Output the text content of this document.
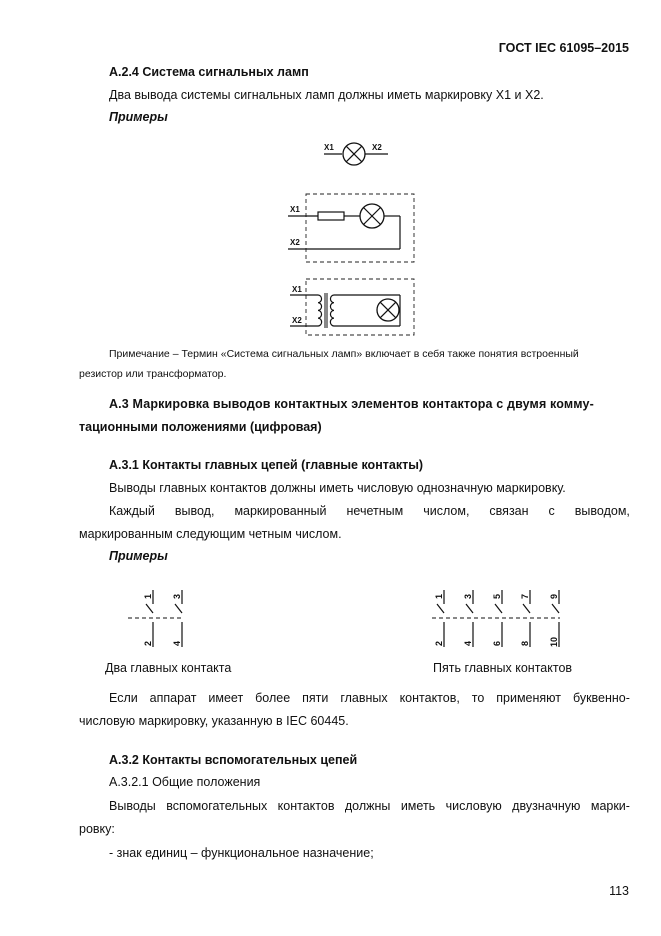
ГОСТ IEC 61095–2015
А.2.4 Система сигнальных ламп
Два вывода системы сигнальных ламп должны иметь маркировку X1 и X2.
Примеры
X1	X2
X1
X2
X1
X2
Примечание – Термин «Система сигнальных ламп» включает в себя также понятия встроенный
резистор или трансформатор.
А.3 Маркировка выводов контактных элементов контактора с двумя комму-
тационными положениями (цифровая)
А.3.1 Контакты главных цепей (главные контакты)
Выводы главных контактов должны иметь числовую однозначную маркировку.
Каждый вывод, маркированный нечетным числом, связан с выводом,
маркированным следующим четным числом.
Примеры
1
2
3
4
Два главных контакта
1
2
3
4
5
6
7
8
9
10
Пять главных контактов
Если аппарат имеет более пяти главных контактов, то применяют буквенно-
числовую маркировку, указанную в IEC 60445.
А.3.2 Контакты вспомогательных цепей
А.3.2.1 Общие положения
Выводы вспомогательных контактов должны иметь числовую двузначную марки-
ровку:
- знак единиц – функциональное назначение;
113
